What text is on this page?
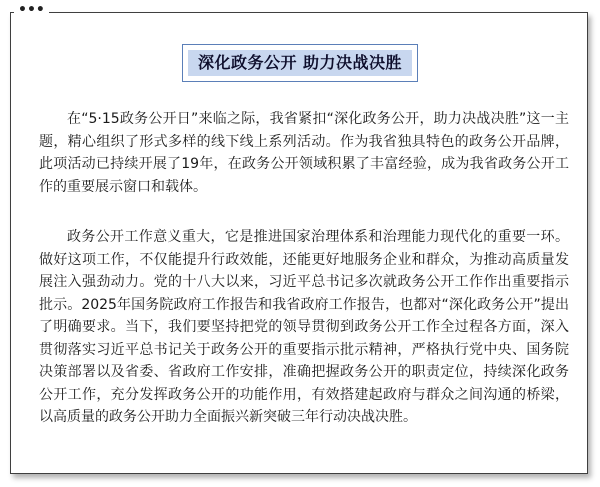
•••
深化政务公开 助力决战决胜

在“5·15政务公开日”来临之际，我省紧扣“深化政务公开，助力决战决胜”这一主题，精心组织了形式多样的线下线上系列活动。作为我省独具特色的政务公开品牌，此项活动已持续开展了19年，在政务公开领域积累了丰富经验，成为我省政务公开工作的重要展示窗口和载体。

政务公开工作意义重大，它是推进国家治理体系和治理能力现代化的重要一环。做好这项工作，不仅能提升行政效能，还能更好地服务企业和群众，为推动高质量发展注入强劲动力。党的十八大以来，习近平总书记多次就政务公开工作作出重要指示批示。2025年国务院政府工作报告和我省政府工作报告，也都对“深化政务公开”提出了明确要求。当下，我们要坚持把党的领导贯彻到政务公开工作全过程各方面，深入贯彻落实习近平总书记关于政务公开的重要指示批示精神，严格执行党中央、国务院决策部署以及省委、省政府工作安排，准确把握政务公开的职责定位，持续深化政务公开工作，充分发挥政务公开的功能作用，有效搭建起政府与群众之间沟通的桥梁，以高质量的政务公开助力全面振兴新突破三年行动决战决胜。
